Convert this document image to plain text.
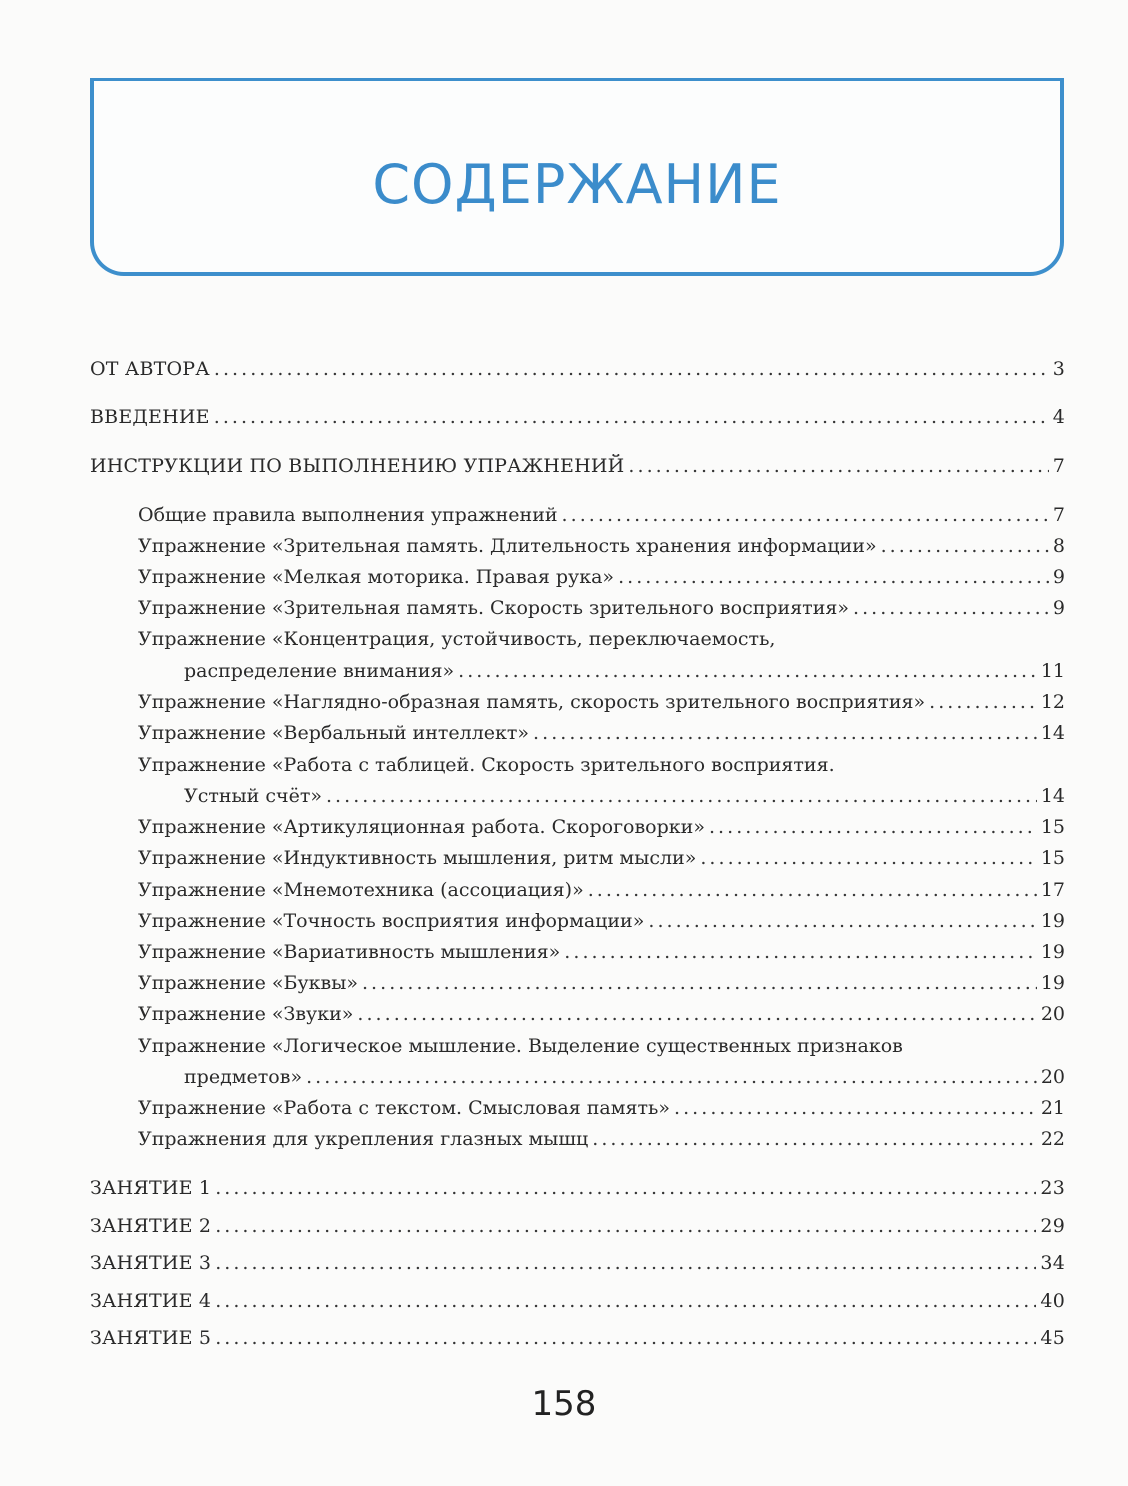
СОДЕРЖАНИЕ
ОТ АВТОРА . . .	3
ВВЕДЕНИЕ . . .	4
ИНСТРУКЦИИ ПО ВЫПОЛНЕНИЮ УПРАЖНЕНИЙ . . .	7
Общие правила выполнения упражнений . . .	7
Упражнение «Зрительная память. Длительность хранения информации» . . .	8
Упражнение «Мелкая моторика. Правая рука» . . .	9
Упражнение «Зрительная память. Скорость зрительного восприятия» . . .	9
Упражнение «Концентрация, устойчивость, переключаемость,
распределение внимания» . . .	11
Упражнение «Наглядно-образная память, скорость зрительного восприятия» . . .	12
Упражнение «Вербальный интеллект» . . .	14
Упражнение «Работа с таблицей. Скорость зрительного восприятия.
Устный счёт» . . .	14
Упражнение «Артикуляционная работа. Скороговорки» . . .	15
Упражнение «Индуктивность мышления, ритм мысли» . . .	15
Упражнение «Мнемотехника (ассоциация)» . . .	17
Упражнение «Точность восприятия информации» . . .	19
Упражнение «Вариативность мышления» . . .	19
Упражнение «Буквы» . . .	19
Упражнение «Звуки» . . .	20
Упражнение «Логическое мышление. Выделение существенных признаков
предметов» . . .	20
Упражнение «Работа с текстом. Смысловая память» . . .	21
Упражнения для укрепления глазных мышц . . .	22
ЗАНЯТИЕ 1 . . .	23
ЗАНЯТИЕ 2 . . .	29
ЗАНЯТИЕ 3 . . .	34
ЗАНЯТИЕ 4 . . .	40
ЗАНЯТИЕ 5 . . .	45
158
